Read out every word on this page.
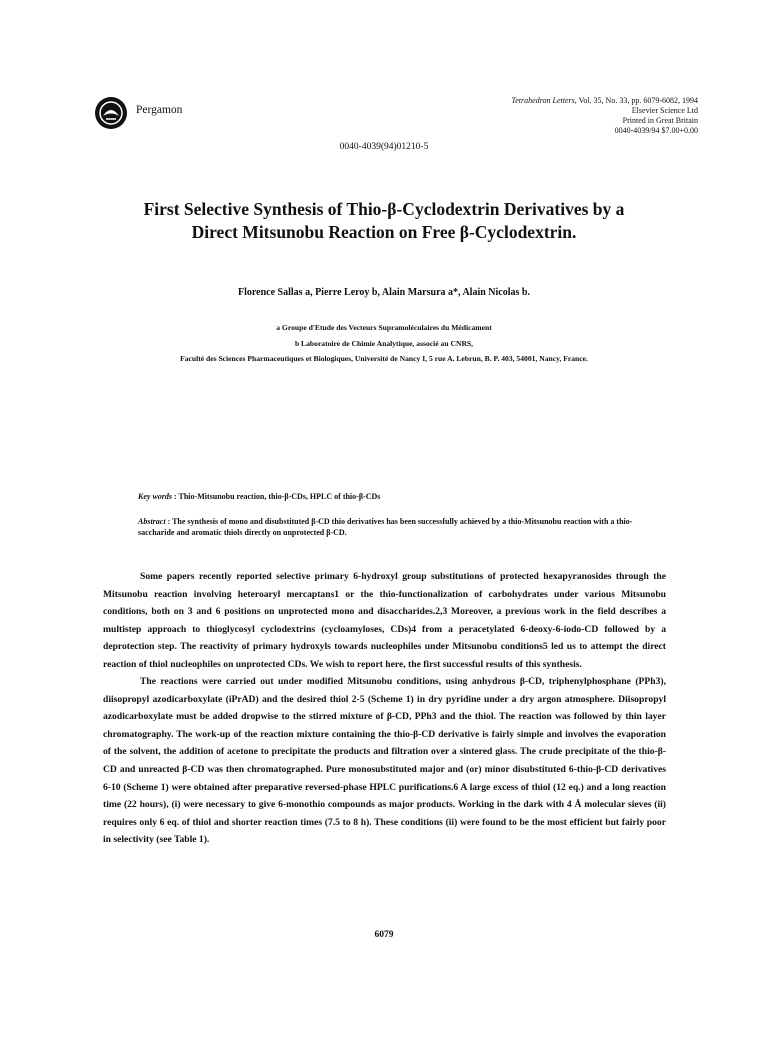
Pergamon
Tetrahedron Letters, Vol. 35, No. 33, pp. 6079-6082, 1994
Elsevier Science Ltd
Printed in Great Britain
0040-4039/94 $7.00+0.00
0040-4039(94)01210-5
First Selective Synthesis of Thio-β-Cyclodextrin Derivatives by a
Direct Mitsunobu Reaction on Free β-Cyclodextrin.
Florence Sallas a, Pierre Leroy b, Alain Marsura a*, Alain Nicolas b.
a Groupe d'Etude des Vecteurs Supramoléculaires du Médicament
b Laboratoire de Chimie Analytique, associé au CNRS,
Faculté des Sciences Pharmaceutiques et Biologiques, Université de Nancy I, 5 rue A. Lebrun, B. P. 403, 54001, Nancy, France.
Key words : Thio-Mitsunobu reaction, thio-β-CDs, HPLC of thio-β-CDs
Abstract : The synthesis of mono and disubstituted β-CD thio derivatives has been successfully achieved by a thio-Mitsunobu reaction with a thio-saccharide and aromatic thiols directly on unprotected β-CD.

Some papers recently reported selective primary 6-hydroxyl group substitutions of protected hexapyranosides through the Mitsunobu reaction involving heteroaryl mercaptans1 or the thio-functionalization of carbohydrates under various Mitsunobu conditions, both on 3 and 6 positions on unprotected mono and disaccharides.2,3 Moreover, a previous work in the field describes a multistep approach to thioglycosyl cyclodextrins (cycloamyloses, CDs)4 from a peracetylated 6-deoxy-6-iodo-CD followed by a deprotection step. The reactivity of primary hydroxyls towards nucleophiles under Mitsunobu conditions5 led us to attempt the direct reaction of thiol nucleophiles on unprotected CDs. We wish to report here, the first successful results of this synthesis.

The reactions were carried out under modified Mitsunobu conditions, using anhydrous β-CD, triphenylphosphane (PPh3), diisopropyl azodicarboxylate (iPrAD) and the desired thiol 2-5 (Scheme 1) in dry pyridine under a dry argon atmosphere. Diisopropyl azodicarboxylate must be added dropwise to the stirred mixture of β-CD, PPh3 and the thiol. The reaction was followed by thin layer chromatography. The work-up of the reaction mixture containing the thio-β-CD derivative is fairly simple and involves the evaporation of the solvent, the addition of acetone to precipitate the products and filtration over a sintered glass. The crude precipitate of the thio-β-CD and unreacted β-CD was then chromatographed. Pure monosubstituted major and (or) minor disubstituted 6-thio-β-CD derivatives 6-10 (Scheme 1) were obtained after preparative reversed-phase HPLC purifications.6 A large excess of thiol (12 eq.) and a long reaction time (22 hours), (i) were necessary to give 6-monothio compounds as major products. Working in the dark with 4 Å molecular sieves (ii) requires only 6 eq. of thiol and shorter reaction times (7.5 to 8 h). These conditions (ii) were found to be the most efficient but fairly poor in selectivity (see Table 1).

6079
